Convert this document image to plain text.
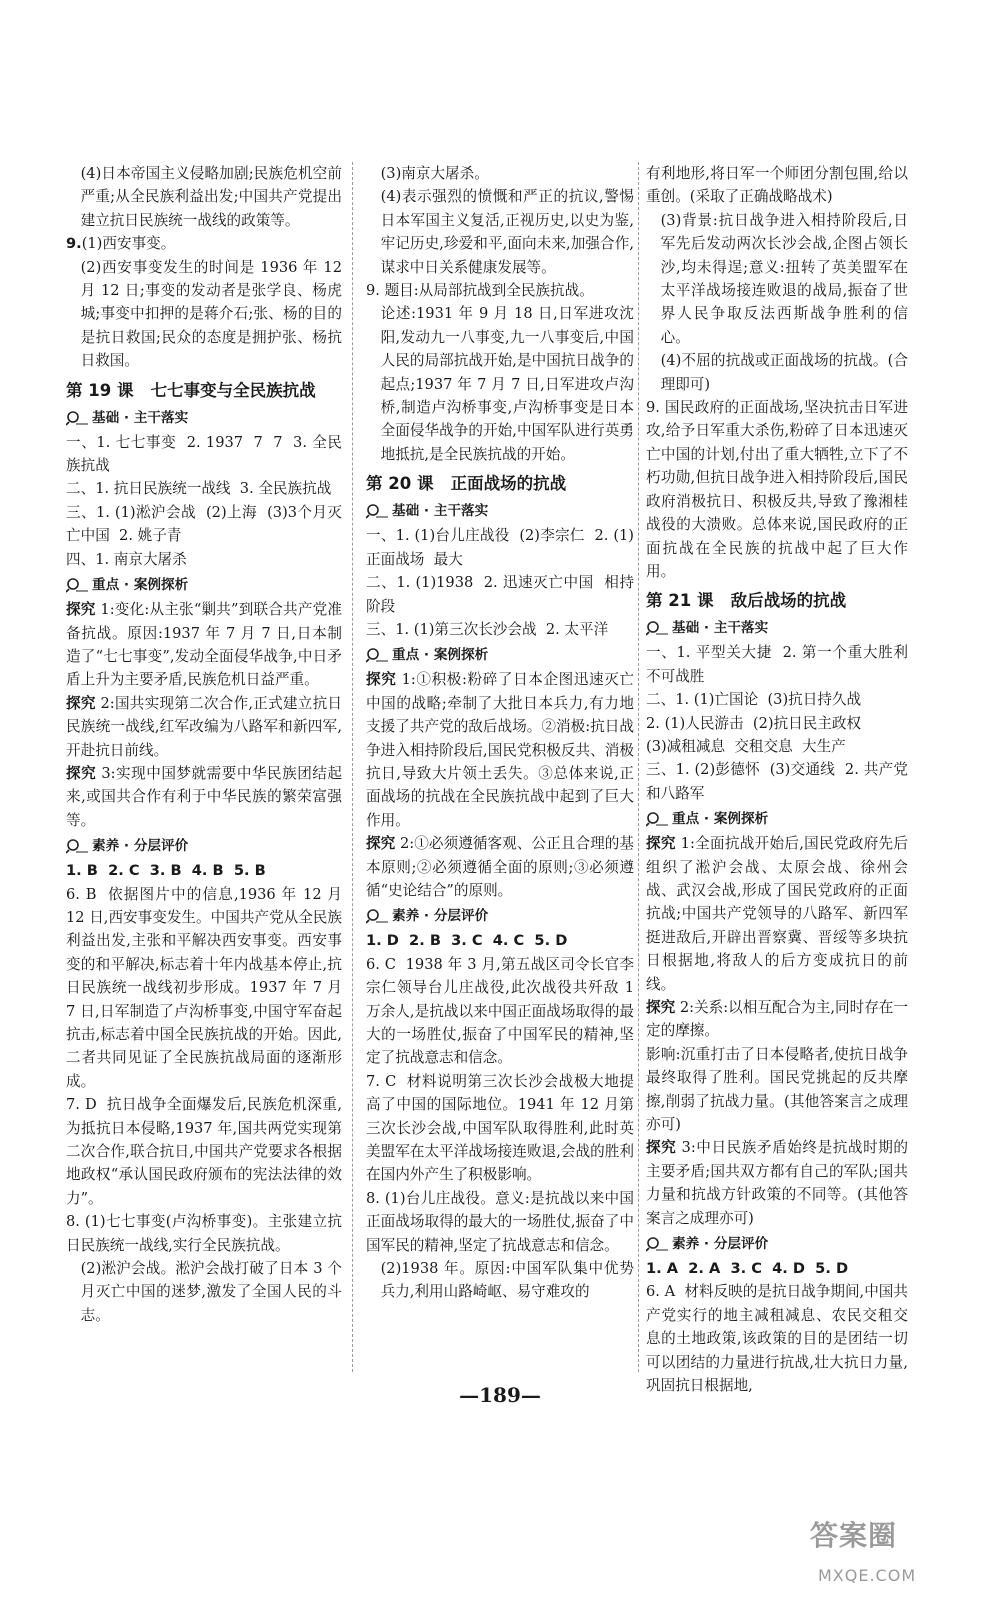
(4)日本帝国主义侵略加剧;民族危机空前严重;从全民族利益出发;中国共产党提出建立抗日民族统一战线的政策等。

9.(1)西安事变。

(2)西安事变发生的时间是 1936 年 12 月 12 日;事变的发动者是张学良、杨虎城;事变中扣押的是蒋介石;张、杨的目的是抗日救国;民众的态度是拥护张、杨抗日救国。

第 19 课   七七事变与全民族抗战
基础 · 主干落实

一、1. 七七事变  2. 1937  7  7  3. 全民族抗战

二、1. 抗日民族统一战线  3. 全民族抗战

三、1. (1)淞沪会战  (2)上海  (3)3个月灭亡中国  2. 姚子青

四、1. 南京大屠杀

重点 · 案例探析

探究 1:变化:从主张“剿共”到联合共产党准备抗战。原因:1937 年 7 月 7 日,日本制造了“七七事变”,发动全面侵华战争,中日矛盾上升为主要矛盾,民族危机日益严重。

探究 2:国共实现第二次合作,正式建立抗日民族统一战线,红军改编为八路军和新四军,开赴抗日前线。

探究 3:实现中国梦就需要中华民族团结起来,或国共合作有利于中华民族的繁荣富强等。

素养 · 分层评价

1. B  2. C  3. B  4. B  5. B

6. B  依据图片中的信息,1936 年 12 月 12 日,西安事变发生。中国共产党从全民族利益出发,主张和平解决西安事变。西安事变的和平解决,标志着十年内战基本停止,抗日民族统一战线初步形成。1937 年 7 月 7 日,日军制造了卢沟桥事变,中国守军奋起抗击,标志着中国全民族抗战的开始。因此,二者共同见证了全民族抗战局面的逐渐形成。

7. D  抗日战争全面爆发后,民族危机深重,为抵抗日本侵略,1937 年,国共两党实现第二次合作,联合抗日,中国共产党要求各根据地政权“承认国民政府颁布的宪法法律的效力”。

8. (1)七七事变(卢沟桥事变)。主张建立抗日民族统一战线,实行全民族抗战。

(2)淞沪会战。淞沪会战打破了日本 3 个月灭亡中国的迷梦,激发了全国人民的斗志。

(3)南京大屠杀。

(4)表示强烈的愤慨和严正的抗议,警惕日本军国主义复活,正视历史,以史为鉴,牢记历史,珍爱和平,面向未来,加强合作,谋求中日关系健康发展等。

9. 题目:从局部抗战到全民族抗战。

论述:1931 年 9 月 18 日,日军进攻沈阳,发动九一八事变,九一八事变后,中国人民的局部抗战开始,是中国抗日战争的起点;1937 年 7 月 7 日,日军进攻卢沟桥,制造卢沟桥事变,卢沟桥事变是日本全面侵华战争的开始,中国军队进行英勇地抵抗,是全民族抗战的开始。

第 20 课   正面战场的抗战
基础 · 主干落实

一、1. (1)台儿庄战役  (2)李宗仁  2. (1)正面战场  最大

二、1. (1)1938  2. 迅速灭亡中国  相持阶段

三、1. (1)第三次长沙会战  2. 太平洋

重点 · 案例探析

探究 1:①积极:粉碎了日本企图迅速灭亡中国的战略;牵制了大批日本兵力,有力地支援了共产党的敌后战场。②消极:抗日战争进入相持阶段后,国民党积极反共、消极抗日,导致大片领土丢失。③总体来说,正面战场的抗战在全民族抗战中起到了巨大作用。

探究 2:①必须遵循客观、公正且合理的基本原则;②必须遵循全面的原则;③必须遵循“史论结合”的原则。

素养 · 分层评价

1. D  2. B  3. C  4. C  5. D

6. C  1938 年 3 月,第五战区司令长官李宗仁领导台儿庄战役,此次战役共歼敌 1 万余人,是抗战以来中国正面战场取得的最大的一场胜仗,振奋了中国军民的精神,坚定了抗战意志和信念。

7. C  材料说明第三次长沙会战极大地提高了中国的国际地位。1941 年 12 月第三次长沙会战,中国军队取得胜利,此时英美盟军在太平洋战场接连败退,会战的胜利在国内外产生了积极影响。

8. (1)台儿庄战役。意义:是抗战以来中国正面战场取得的最大的一场胜仗,振奋了中国军民的精神,坚定了抗战意志和信念。

(2)1938 年。原因:中国军队集中优势兵力,利用山路崎岖、易守难攻的

有利地形,将日军一个师团分割包围,给以重创。(采取了正确战略战术)

(3)背景:抗日战争进入相持阶段后,日军先后发动两次长沙会战,企图占领长沙,均未得逞;意义:扭转了英美盟军在太平洋战场接连败退的战局,振奋了世界人民争取反法西斯战争胜利的信心。

(4)不屈的抗战或正面战场的抗战。(合理即可)

9. 国民政府的正面战场,坚决抗击日军进攻,给予日军重大杀伤,粉碎了日本迅速灭亡中国的计划,付出了重大牺牲,立下了不朽功勋,但抗日战争进入相持阶段后,国民政府消极抗日、积极反共,导致了豫湘桂战役的大溃败。总体来说,国民政府的正面抗战在全民族的抗战中起了巨大作用。

第 21 课   敌后战场的抗战
基础 · 主干落实

一、1. 平型关大捷  2. 第一个重大胜利  不可战胜

二、1. (1)亡国论  (3)抗日持久战
2. (1)人民游击  (2)抗日民主政权
(3)减租减息  交租交息  大生产

三、1. (2)彭德怀  (3)交通线  2. 共产党和八路军

重点 · 案例探析

探究 1:全面抗战开始后,国民党政府先后组织了淞沪会战、太原会战、徐州会战、武汉会战,形成了国民党政府的正面抗战;中国共产党领导的八路军、新四军挺进敌后,开辟出晋察冀、晋绥等多块抗日根据地,将敌人的后方变成抗日的前线。

探究 2:关系:以相互配合为主,同时存在一定的摩擦。

影响:沉重打击了日本侵略者,使抗日战争最终取得了胜利。国民党挑起的反共摩擦,削弱了抗战力量。(其他答案言之成理亦可)

探究 3:中日民族矛盾始终是抗战时期的主要矛盾;国共双方都有自己的军队;国共力量和抗战方针政策的不同等。(其他答案言之成理亦可)

素养 · 分层评价

1. A  2. A  3. C  4. D  5. D

6. A  材料反映的是抗日战争期间,中国共产党实行的地主减租减息、农民交租交息的土地政策,该政策的目的是团结一切可以团结的力量进行抗战,壮大抗日力量,巩固抗日根据地,

—189—
答案圈
MXQE.COM
